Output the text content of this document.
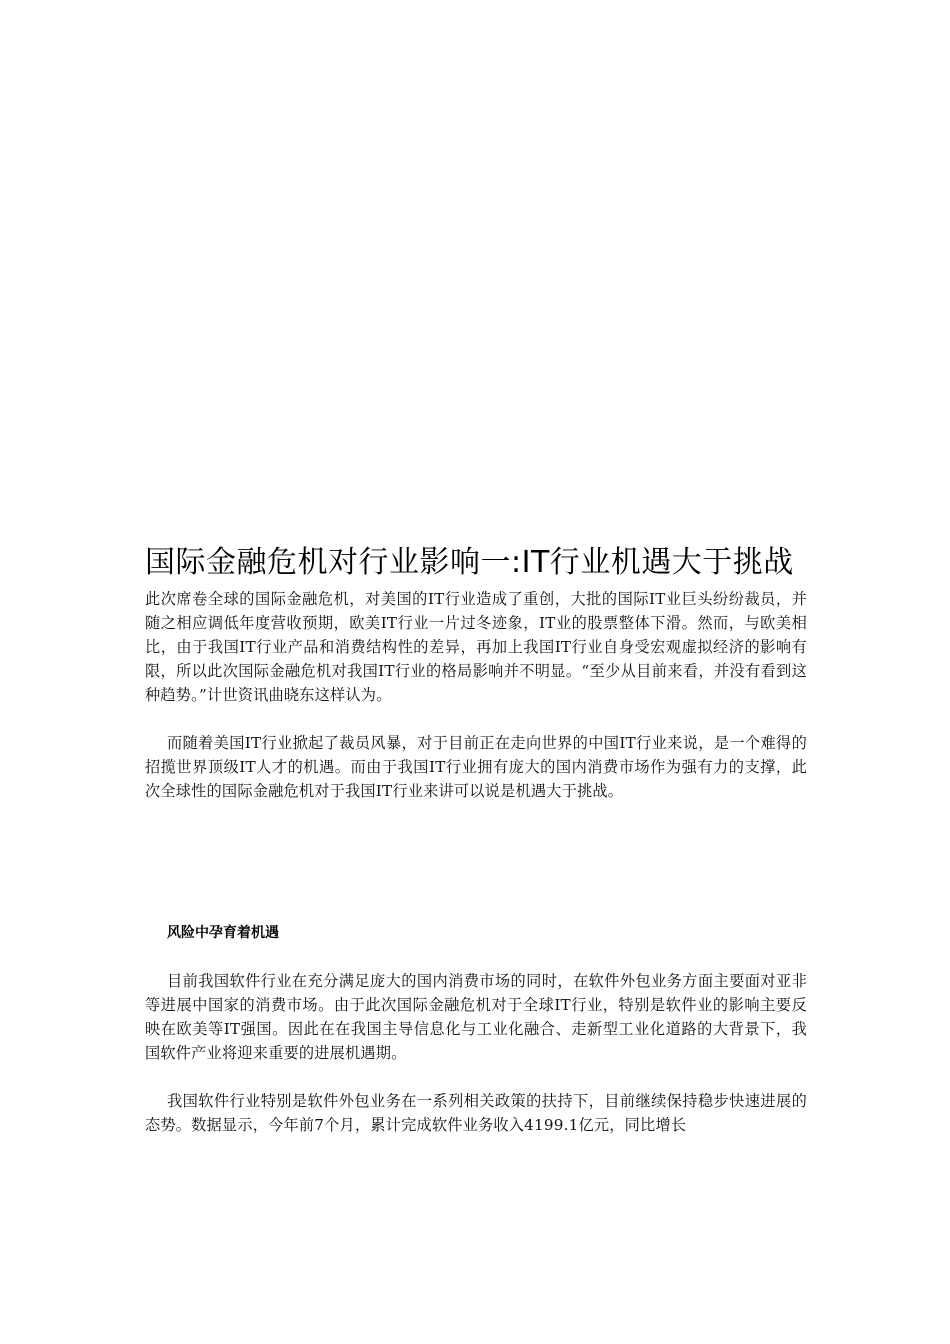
国际金融危机对行业影响一:IT行业机遇大于挑战

此次席卷全球的国际金融危机，对美国的IT行业造成了重创，大批的国际IT业巨头纷纷裁员，并随之相应调低年度营收预期，欧美IT行业一片过冬迹象，IT业的股票整体下滑。然而，与欧美相比，由于我国IT行业产品和消费结构性的差异，再加上我国IT行业自身受宏观虚拟经济的影响有限，所以此次国际金融危机对我国IT行业的格局影响并不明显。“至少从目前来看，并没有看到这种趋势。”计世资讯曲晓东这样认为。

而随着美国IT行业掀起了裁员风暴，对于目前正在走向世界的中国IT行业来说，是一个难得的招揽世界顶级IT人才的机遇。而由于我国IT行业拥有庞大的国内消费市场作为强有力的支撑，此次全球性的国际金融危机对于我国IT行业来讲可以说是机遇大于挑战。

风险中孕育着机遇

目前我国软件行业在充分满足庞大的国内消费市场的同时，在软件外包业务方面主要面对亚非等进展中国家的消费市场。由于此次国际金融危机对于全球IT行业，特别是软件业的影响主要反映在欧美等IT强国。因此在在我国主导信息化与工业化融合、走新型工业化道路的大背景下，我国软件产业将迎来重要的进展机遇期。

我国软件行业特别是软件外包业务在一系列相关政策的扶持下，目前继续保持稳步快速进展的态势。数据显示，今年前7个月，累计完成软件业务收入4199.1亿元，同比增长
